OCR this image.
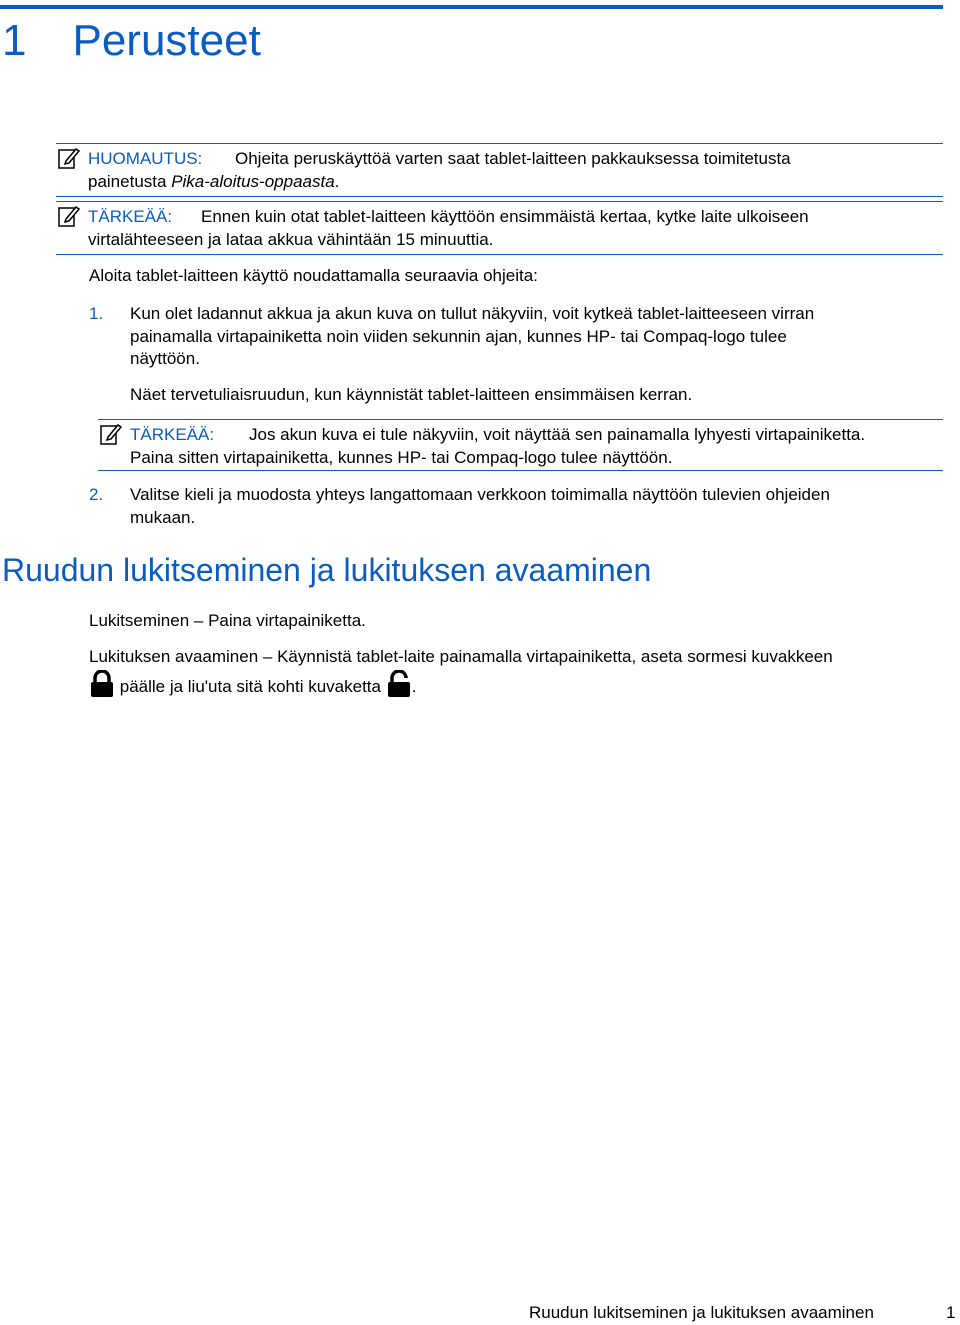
1 Perusteet
HUOMAUTUS: Ohjeita peruskäyttöä varten saat tablet-laitteen pakkauksessa toimitetusta
painetusta Pika-aloitus-oppaasta.
TÄRKEÄÄ: Ennen kuin otat tablet-laitteen käyttöön ensimmäistä kertaa, kytke laite ulkoiseen
virtalähteeseen ja lataa akkua vähintään 15 minuuttia.
Aloita tablet-laitteen käyttö noudattamalla seuraavia ohjeita:
1. Kun olet ladannut akkua ja akun kuva on tullut näkyviin, voit kytkeä tablet-laitteeseen virran
painamalla virtapainiketta noin viiden sekunnin ajan, kunnes HP- tai Compaq-logo tulee
näyttöön.
Näet tervetuliaisruudun, kun käynnistät tablet-laitteen ensimmäisen kerran.
TÄRKEÄÄ: Jos akun kuva ei tule näkyviin, voit näyttää sen painamalla lyhyesti virtapainiketta.
Paina sitten virtapainiketta, kunnes HP- tai Compaq-logo tulee näyttöön.
2. Valitse kieli ja muodosta yhteys langattomaan verkkoon toimimalla näyttöön tulevien ohjeiden
mukaan.
Ruudun lukitseminen ja lukituksen avaaminen
Lukitseminen – Paina virtapainiketta.
Lukituksen avaaminen – Käynnistä tablet-laite painamalla virtapainiketta, aseta sormesi kuvakkeen
päälle ja liu'uta sitä kohti kuvaketta .
Ruudun lukitseminen ja lukituksen avaaminen	1
